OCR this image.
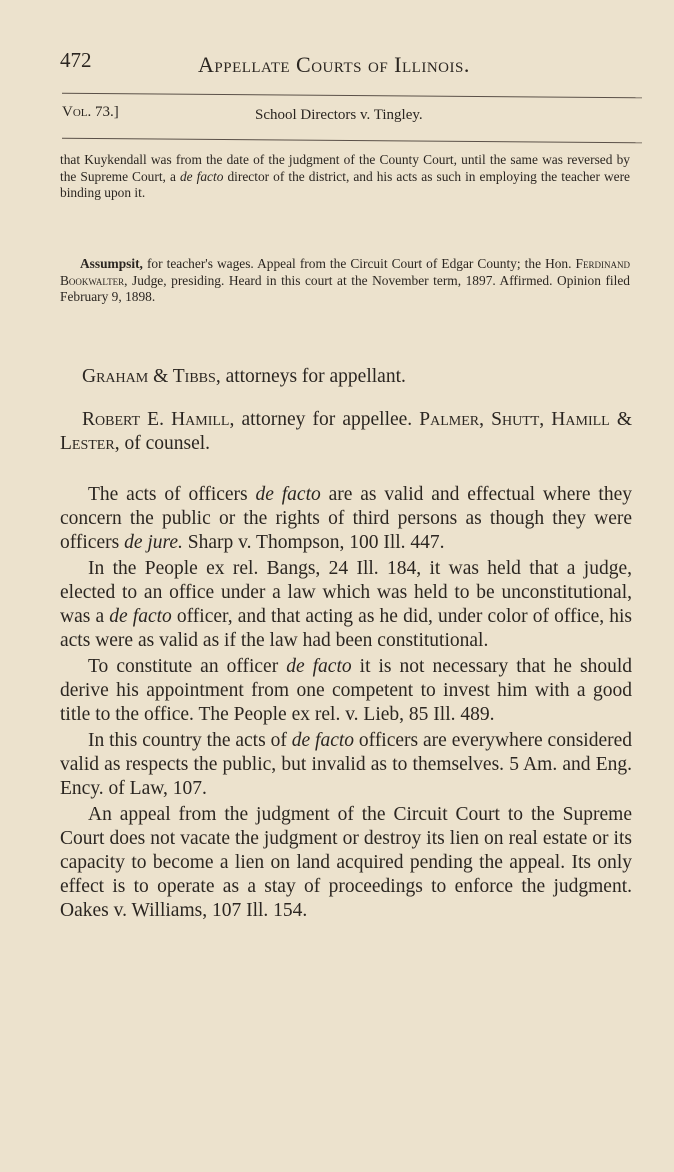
472	Appellate Courts of Illinois.
Vol. 73.]	School Directors v. Tingley.
that Kuykendall was from the date of the judgment of the County Court, until the same was reversed by the Supreme Court, a de facto director of the district, and his acts as such in employing the teacher were binding upon it.
Assumpsit, for teacher's wages. Appeal from the Circuit Court of Edgar County; the Hon. Ferdinand Bookwalter, Judge, presiding. Heard in this court at the November term, 1897. Affirmed. Opinion filed February 9, 1898.
Graham & Tibbs, attorneys for appellant.
Robert E. Hamill, attorney for appellee. Palmer, Shutt, Hamill & Lester, of counsel.

The acts of officers de facto are as valid and effectual where they concern the public or the rights of third persons as though they were officers de jure. Sharp v. Thompson, 100 Ill. 447.

In the People ex rel. Bangs, 24 Ill. 184, it was held that a judge, elected to an office under a law which was held to be unconstitutional, was a de facto officer, and that acting as he did, under color of office, his acts were as valid as if the law had been constitutional.

To constitute an officer de facto it is not necessary that he should derive his appointment from one competent to invest him with a good title to the office. The People ex rel. v. Lieb, 85 Ill. 489.

In this country the acts of de facto officers are everywhere considered valid as respects the public, but invalid as to themselves. 5 Am. and Eng. Ency. of Law, 107.

An appeal from the judgment of the Circuit Court to the Supreme Court does not vacate the judgment or destroy its lien on real estate or its capacity to become a lien on land acquired pending the appeal. Its only effect is to operate as a stay of proceedings to enforce the judgment. Oakes v. Williams, 107 Ill. 154.
